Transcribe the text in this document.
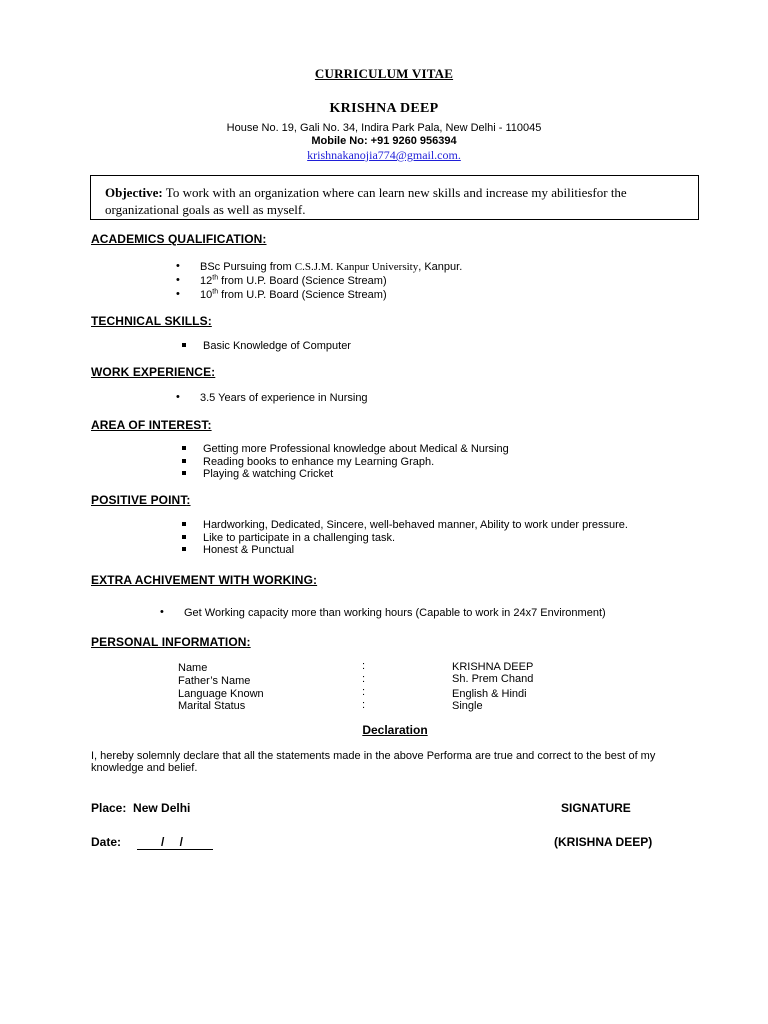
CURRICULUM VITAE
KRISHNA DEEP
House No. 19, Gali No. 34, Indira Park Pala, New Delhi - 110045
Mobile No: +91 9260 956394
krishnakanojia774@gmail.com.
Objective: To work with an organization where can learn new skills and increase my abilitiesfor the organizational goals as well as myself.
ACADEMICS QUALIFICATION:
• BSc Pursuing from C.S.J.M. Kanpur University, Kanpur.
• 12th from U.P. Board (Science Stream)
• 10th from U.P. Board (Science Stream)
TECHNICAL SKILLS:
Basic Knowledge of Computer
WORK EXPERIENCE:
• 3.5 Years of experience in Nursing
AREA OF INTEREST:
Getting more Professional knowledge about Medical & Nursing
Reading books to enhance my Learning Graph.
Playing & watching Cricket
POSITIVE POINT:
Hardworking, Dedicated, Sincere, well-behaved manner, Ability to work under pressure.
Like to participate in a challenging task.
Honest & Punctual
EXTRA ACHIVEMENT WITH WORKING:
• Get Working capacity more than working hours (Capable to work in 24x7 Environment)
PERSONAL INFORMATION:
Name	:	KRISHNA DEEP
Father’s Name	:	Sh. Prem Chand
Language Known	:	English & Hindi
Marital Status	:	Single
Declaration
I, hereby solemnly declare that all the statements made in the above Performa are true and correct to the best of my knowledge and belief.
Place: New Delhi	SIGNATURE
Date:	/ /	(KRISHNA DEEP)
